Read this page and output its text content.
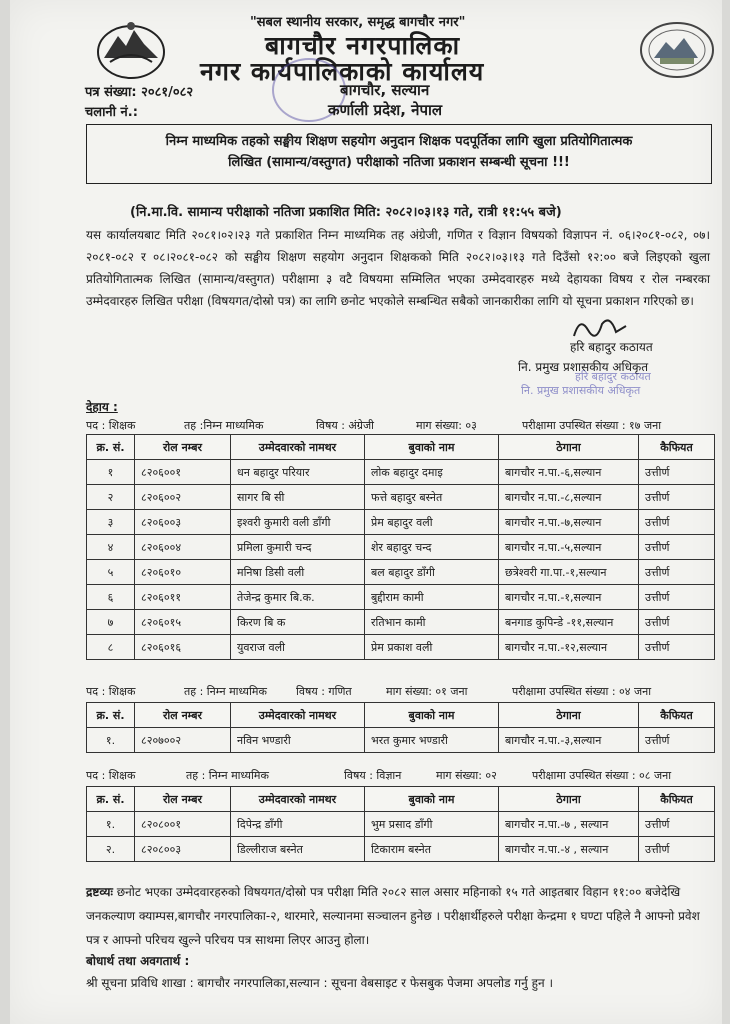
"सबल स्थानीय सरकार, समृद्ध बागचौर नगर"
बागचौर नगरपालिका
नगर कार्यपालिकाको कार्यालय
पत्र संख्या: २०८१/०८२
चलानी नं.:
बागचौर, सल्यान
कर्णाली प्रदेश, नेपाल
निम्न माध्यमिक तहको सङ्घीय शिक्षण सहयोग अनुदान शिक्षक पदपूर्तिका लागि खुला प्रतियोगितात्मक
लिखित (सामान्य/वस्तुगत) परीक्षाको नतिजा प्रकाशन सम्बन्धी सूचना !!!
(नि.मा.वि. सामान्य परीक्षाको नतिजा प्रकाशित मिति: २०८२।०३।१३ गते, रात्री ११:५५ बजे)
यस कार्यालयबाट मिति २०८१।०२।२३ गते प्रकाशित निम्न माध्यमिक तह अंग्रेजी, गणित र विज्ञान विषयको विज्ञापन नं. ०६।२०८१-०८२, ०७।२०८१-०८२ र ०८।२०८१-०८२ को सङ्घीय शिक्षण सहयोग अनुदान शिक्षकको मिति २०८२।०३।१३ गते दिउँसो १२:०० बजे लिइएको खुला प्रतियोगितात्मक लिखित (सामान्य/वस्तुगत) परीक्षामा ३ वटै विषयमा सम्मिलित भएका उम्मेदवारहरु मध्ये देहायका विषय र रोल नम्बरका उम्मेदवारहरु लिखित परीक्षा (विषयगत/दोस्रो पत्र) का लागि छनोट भएकोले सम्बन्धित सबैको जानकारीका लागि यो सूचना प्रकाशन गरिएको छ।
हरि बहादुर कठायत
नि. प्रमुख प्रशासकीय अधिकृत
हरि बहादुर कठायत
नि. प्रमुख प्रशासकीय अधिकृत
देहाय :
पद : शिक्षक	तह :निम्न माध्यमिक	विषय : अंग्रेजी	माग संख्या: ०३	परीक्षामा उपस्थित संख्या : १७ जना
क्र. सं.	रोल नम्बर	उम्मेदवारको नामथर	बुवाको नाम	ठेगाना	कैफियत
१	८२०६००१	धन बहादुर परियार	लोक बहादुर दमाइ	बागचौर न.पा.-६,सल्यान	उत्तीर्ण
२	८२०६००२	सागर बि सी	फत्ते बहादुर बस्नेत	बागचौर न.पा.-८,सल्यान	उत्तीर्ण
३	८२०६००३	इश्वरी कुमारी वली डाँगी	प्रेम बहादुर वली	बागचौर न.पा.-७,सल्यान	उत्तीर्ण
४	८२०६००४	प्रमिला कुमारी चन्द	शेर बहादुर चन्द	बागचौर न.पा.-५,सल्यान	उत्तीर्ण
५	८२०६०१०	मनिषा डिसी वली	बल बहादुर डाँगी	छत्रेश्वरी गा.पा.-१,सल्यान	उत्तीर्ण
६	८२०६०११	तेजेन्द्र कुमार बि.क.	बुद्दीराम कामी	बागचौर न.पा.-१,सल्यान	उत्तीर्ण
७	८२०६०१५	किरण बि क	रतिभान कामी	बनगाड कुपिन्डे -११,सल्यान	उत्तीर्ण
८	८२०६०१६	युवराज वली	प्रेम प्रकाश वली	बागचौर न.पा.-१२,सल्यान	उत्तीर्ण
पद : शिक्षक	तह : निम्न माध्यमिक	विषय : गणित	माग संख्या: ०१ जना	परीक्षामा उपस्थित संख्या : ०४ जना
क्र. सं.	रोल नम्बर	उम्मेदवारको नामथर	बुवाको नाम	ठेगाना	कैफियत
१.	८२०७००२	नविन भण्डारी	भरत कुमार भण्डारी	बागचौर न.पा.-३,सल्यान	उत्तीर्ण
पद : शिक्षक	तह : निम्न माध्यमिक	विषय : विज्ञान	माग संख्या: ०२	परीक्षामा उपस्थित संख्या : ०८ जना
क्र. सं.	रोल नम्बर	उम्मेदवारको नामथर	बुवाको नाम	ठेगाना	कैफियत
१.	८२०८००१	दिपेन्द्र डाँगी	भुम प्रसाद डाँगी	बागचौर न.पा.-७ , सल्यान	उत्तीर्ण
२.	८२०८००३	डिल्लीराज बस्नेत	टिकाराम बस्नेत	बागचौर न.पा.-४ , सल्यान	उत्तीर्ण
द्रष्टव्यः छनोट भएका उम्मेदवारहरुको विषयगत/दोस्रो पत्र परीक्षा मिति २०८२ साल असार महिनाको १५ गते आइतबार विहान ११:०० बजेदेखि जनकल्याण क्याम्पस,बागचौर नगरपालिका-२, थारमारे, सल्यानमा सञ्चालन हुनेछ । परीक्षार्थीहरुले परीक्षा केन्द्रमा १ घण्टा पहिले नै आफ्नो प्रवेश पत्र र आफ्नो परिचय खुल्ने परिचय पत्र साथमा लिएर आउनु होला।
बोधार्थ तथा अवगतार्थ :
श्री सूचना प्रविधि शाखा : बागचौर नगरपालिका,सल्यान : सूचना वेबसाइट र फेसबुक पेजमा अपलोड गर्नु हुन ।
